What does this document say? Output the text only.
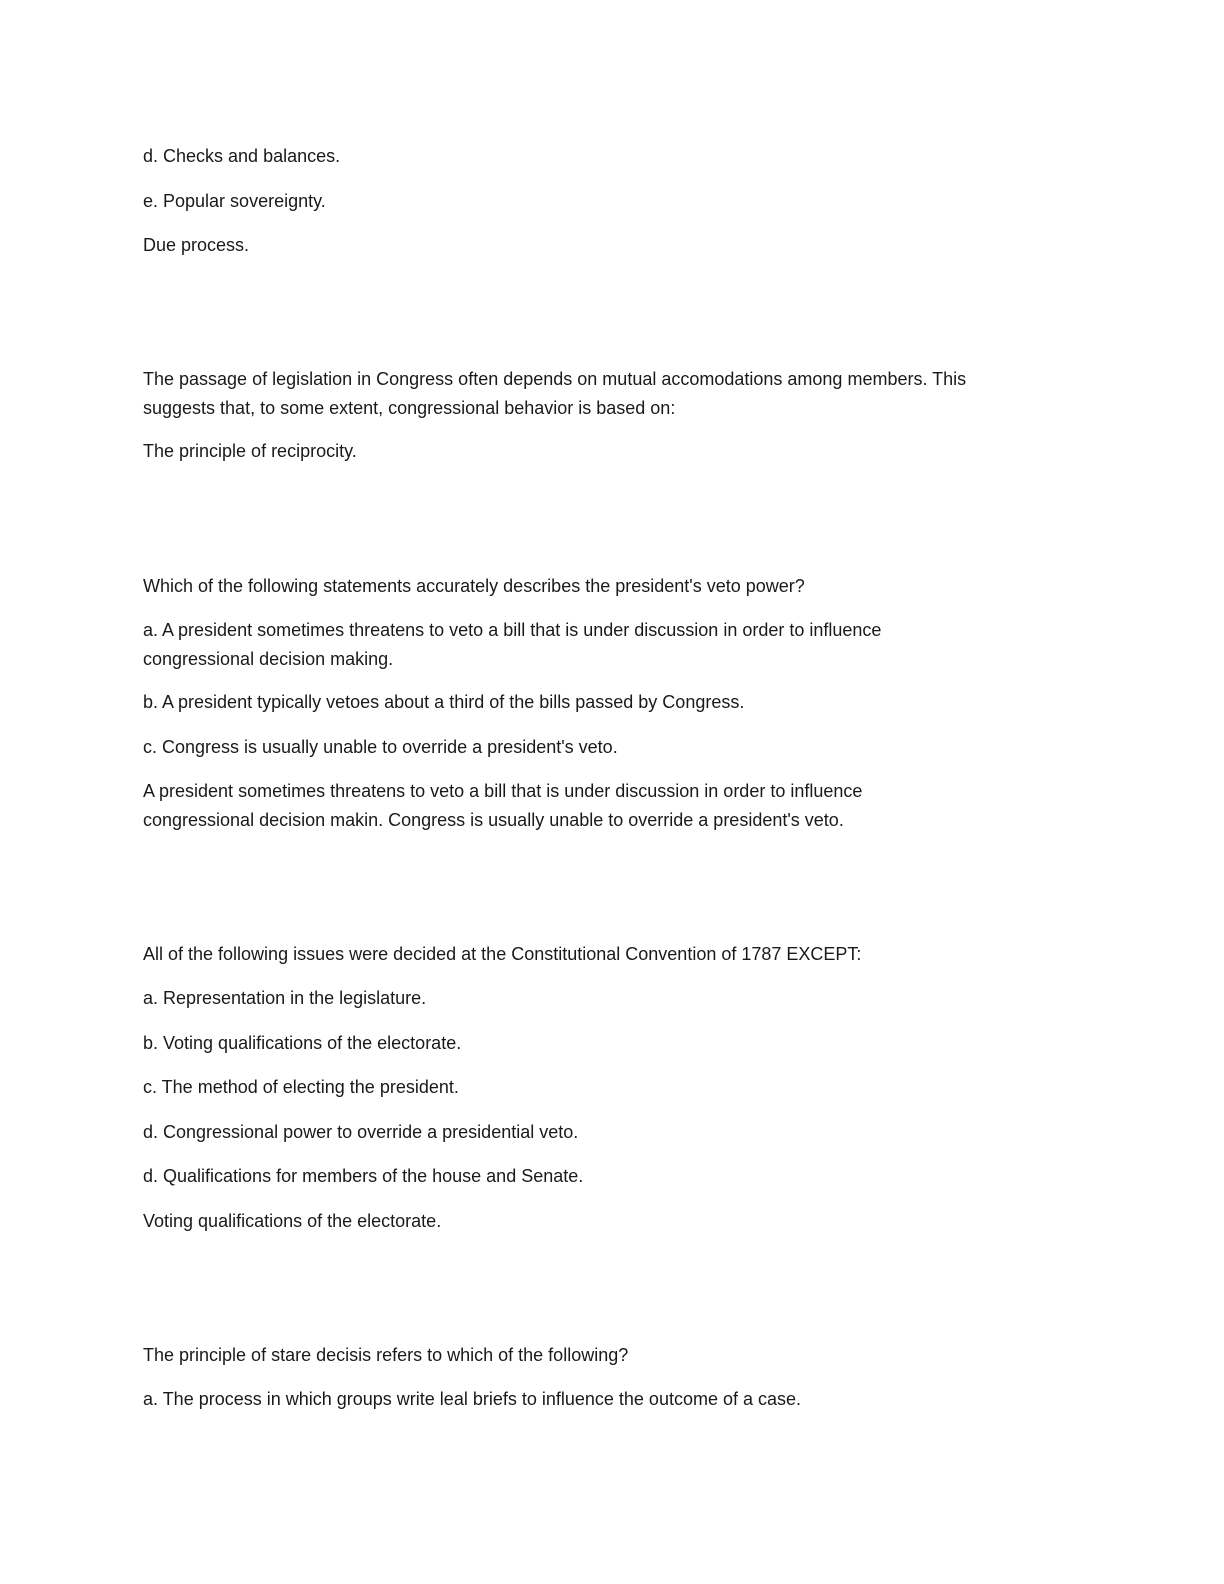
d. Checks and balances.

e. Popular sovereignty.

Due process.

The passage of legislation in Congress often depends on mutual accomodations among members. This

suggests that, to some extent, congressional behavior is based on:

The principle of reciprocity.

Which of the following statements accurately describes the president's veto power?

a. A president sometimes threatens to veto a bill that is under discussion in order to influence

congressional decision making.

b. A president typically vetoes about a third of the bills passed by Congress.

c. Congress is usually unable to override a president's veto.

A president sometimes threatens to veto a bill that is under discussion in order to influence

congressional decision makin. Congress is usually unable to override a president's veto.

All of the following issues were decided at the Constitutional Convention of 1787 EXCEPT:

a. Representation in the legislature.

b. Voting qualifications of the electorate.

c. The method of electing the president.

d. Congressional power to override a presidential veto.

d. Qualifications for members of the house and Senate.

Voting qualifications of the electorate.

The principle of stare decisis refers to which of the following?

a. The process in which groups write leal briefs to influence the outcome of a case.
